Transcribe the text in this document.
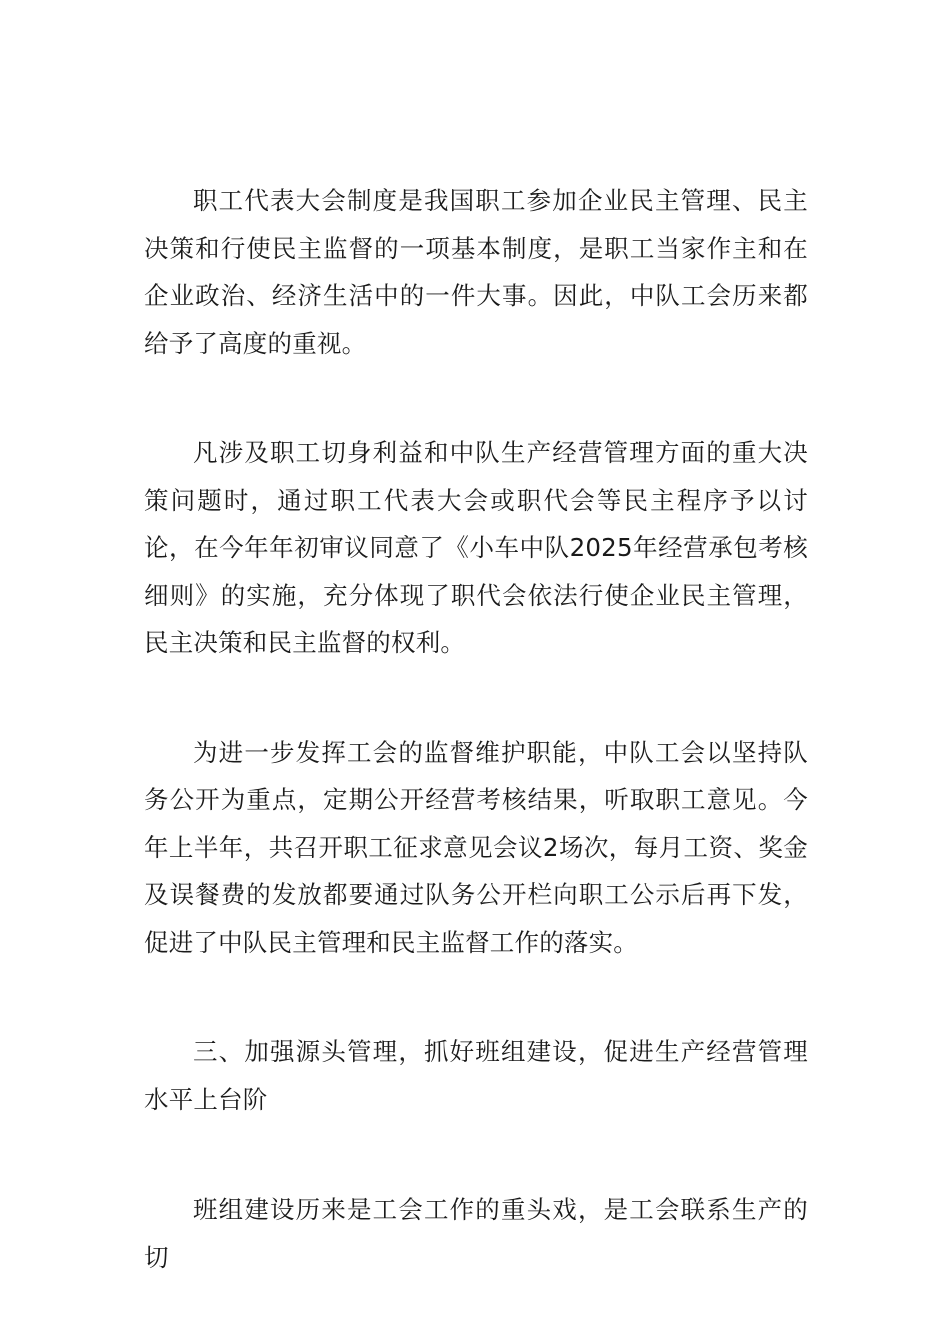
职工代表大会制度是我国职工参加企业民主管理、民主决策和行使民主监督的一项基本制度，是职工当家作主和在企业政治、经济生活中的一件大事。因此，中队工会历来都给予了高度的重视。

凡涉及职工切身利益和中队生产经营管理方面的重大决策问题时，通过职工代表大会或职代会等民主程序予以讨论，在今年年初审议同意了《小车中队2025年经营承包考核细则》的实施，充分体现了职代会依法行使企业民主管理，民主决策和民主监督的权利。

为进一步发挥工会的监督维护职能，中队工会以坚持队务公开为重点，定期公开经营考核结果，听取职工意见。今年上半年，共召开职工征求意见会议2场次，每月工资、奖金及误餐费的发放都要通过队务公开栏向职工公示后再下发，促进了中队民主管理和民主监督工作的落实。

三、加强源头管理，抓好班组建设，促进生产经营管理水平上台阶

班组建设历来是工会工作的重头戏，是工会联系生产的切
